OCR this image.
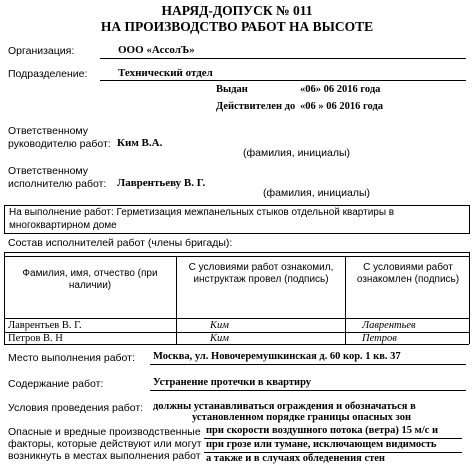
НАРЯД-ДОПУСК № 011
НА ПРОИЗВОДСТВО РАБОТ НА ВЫСОТЕ
Организация:	ООО «АссолЪ»
Подразделение:	Технический отдел
Выдан	«06» 06 2016 года
Действителен до «06 » 06 2016 года
Ответственному
руководителю работ: Ким В.А.
(фамилия, инициалы)
Ответственному
исполнителю работ: Лаврентьеву В. Г.
(фамилия, инициалы)
На выполнение работ: Герметизация межпанельных стыков отдельной квартиры в
многоквартирном доме
Состав исполнителей работ (члены бригады):
Фамилия, имя, отчество (при наличии)
С условиями работ ознакомил, инструктаж провел (подпись)
С условиями работ ознакомлен (подпись)
Лаврентьев В. Г.	Ким	Лаврентьев
Петров В. Н	Ким	Петров
Место выполнения работ: Москва, ул. Новочеремушкинская д. 60 кор. 1 кв. 37
Содержание работ:	Устранение протечки в квартиру
Условия проведения работ: должны устанавливаться ограждения и обозначаться в
установленном порядке границы опасных зон
Опасные и вредные производственные
факторы, которые действуют или могут
возникнуть в местах выполнения работ
при скорости воздушного потока (ветра) 15 м/с и
при грозе или тумане, исключающем видимость
а также и в случаях обледенения стен
